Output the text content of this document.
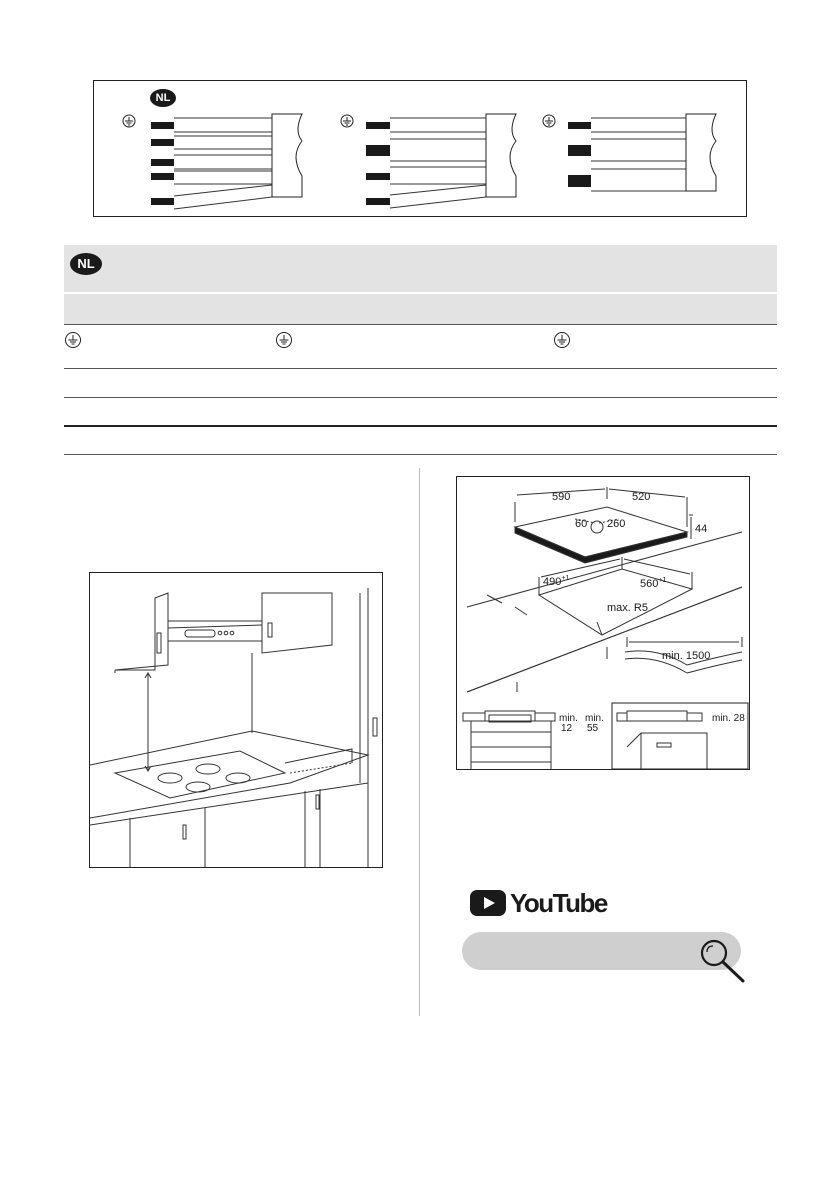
NL
NL
590	520
60 260	44
$490^{+1}$	$560^{+1}$
max. R5
min. 1500
min.
12
min.
55
min. 28
YouTube
